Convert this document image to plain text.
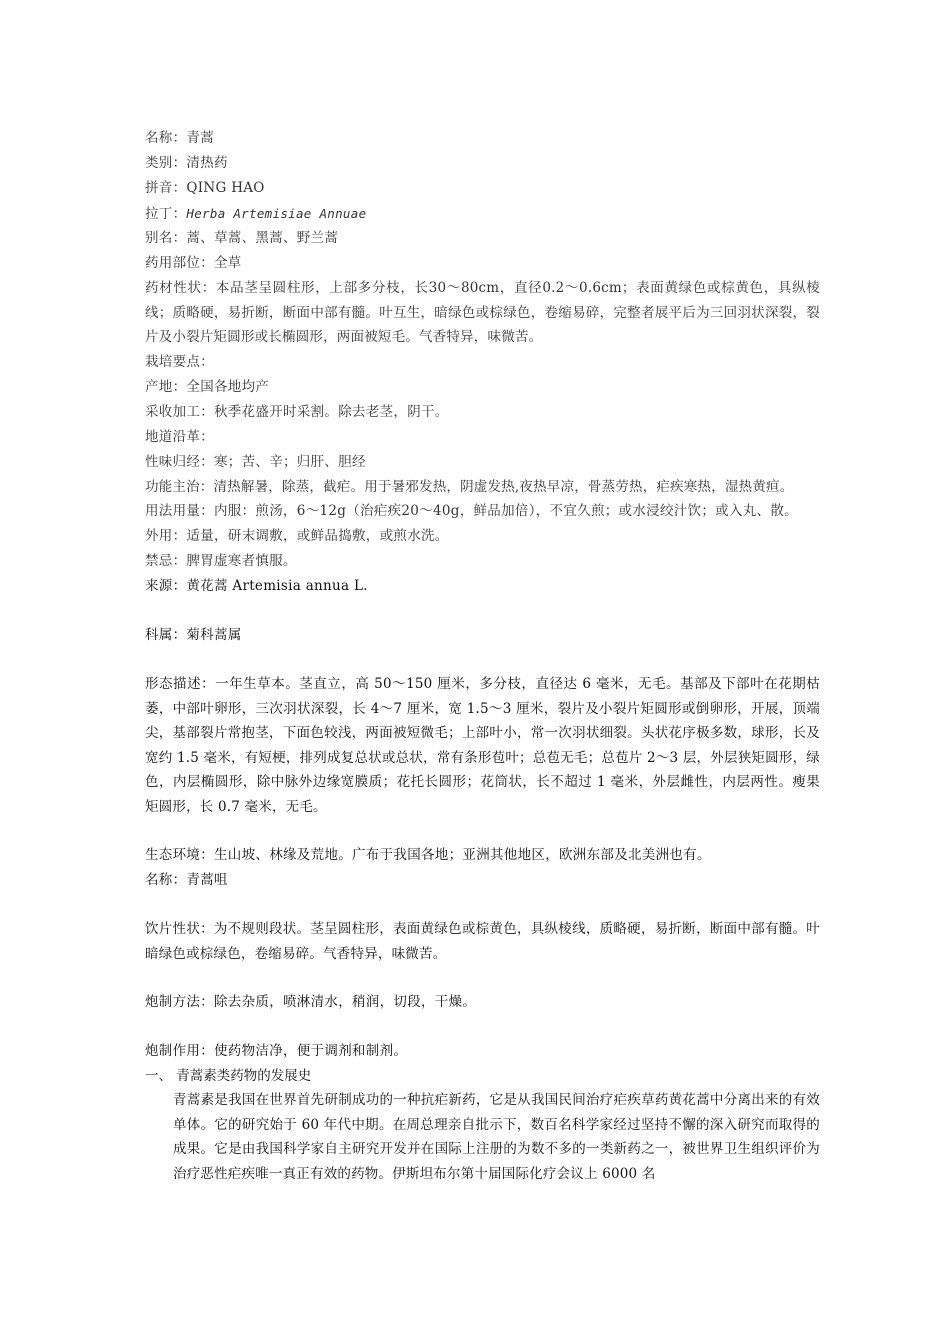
名称：青蒿
类别：清热药
拼音：QING HAO
拉丁：Herba Artemisiae Annuae
别名：蒿、草蒿、黑蒿、野兰蒿
药用部位：全草
药材性状：本品茎呈圆柱形，上部多分枝，长30～80cm，直径0.2～0.6cm；表面黄绿色或棕黄色，具纵棱线；质略硬，易折断，断面中部有髓。叶互生，暗绿色或棕绿色，卷缩易碎，完整者展平后为三回羽状深裂，裂片及小裂片矩圆形或长椭圆形，两面被短毛。气香特异，味微苦。
栽培要点：
产地：全国各地均产
采收加工：秋季花盛开时采割。除去老茎，阴干。
地道沿革：
性味归经：寒；苦、辛；归肝、胆经
功能主治：清热解暑，除蒸，截疟。用于暑邪发热，阴虚发热,夜热早凉，骨蒸劳热，疟疾寒热，湿热黄疸。
用法用量：内服：煎汤，6～12g（治疟疾20～40g，鲜品加倍），不宜久煎；或水浸绞汁饮；或入丸、散。
外用：适量，研末调敷，或鲜品捣敷，或煎水洗。
禁忌：脾胃虚寒者慎服。
来源：黄花蒿 Artemisia annua L.
科属：菊科蒿属
形态描述：一年生草本。茎直立，高 50～150 厘米，多分枝，直径达 6 毫米，无毛。基部及下部叶在花期枯萎，中部叶卵形，三次羽状深裂，长 4～7 厘米，宽 1.5～3 厘米，裂片及小裂片矩圆形或倒卵形，开展，顶端尖，基部裂片常抱茎，下面色较浅，两面被短微毛；上部叶小，常一次羽状细裂。头状花序极多数，球形，长及宽约 1.5 毫米，有短梗，排列成复总状或总状，常有条形苞叶；总苞无毛；总苞片 2～3 层，外层狭矩圆形，绿色，内层椭圆形，除中脉外边缘宽膜质；花托长圆形；花筒状，长不超过 1 毫米，外层雌性，内层两性。瘦果矩圆形，长 0.7 毫米，无毛。
生态环境：生山坡、林缘及荒地。广布于我国各地；亚洲其他地区，欧洲东部及北美洲也有。
名称：青蒿咀
饮片性状：为不规则段状。茎呈圆柱形，表面黄绿色或棕黄色，具纵棱线，质略硬，易折断，断面中部有髓。叶暗绿色或棕绿色，卷缩易碎。气香特异，味微苦。
炮制方法：除去杂质，喷淋清水，稍润，切段，干燥。
炮制作用：使药物洁净，便于调剂和制剂。
一、 青蒿素类药物的发展史
青蒿素是我国在世界首先研制成功的一种抗疟新药，它是从我国民间治疗疟疾草药黄花蒿中分离出来的有效单体。它的研究始于 60 年代中期。在周总理亲自批示下，数百名科学家经过坚持不懈的深入研究而取得的成果。它是由我国科学家自主研究开发并在国际上注册的为数不多的一类新药之一，被世界卫生组织评价为治疗恶性疟疾唯一真正有效的药物。伊斯坦布尔第十届国际化疗会议上 6000 名
